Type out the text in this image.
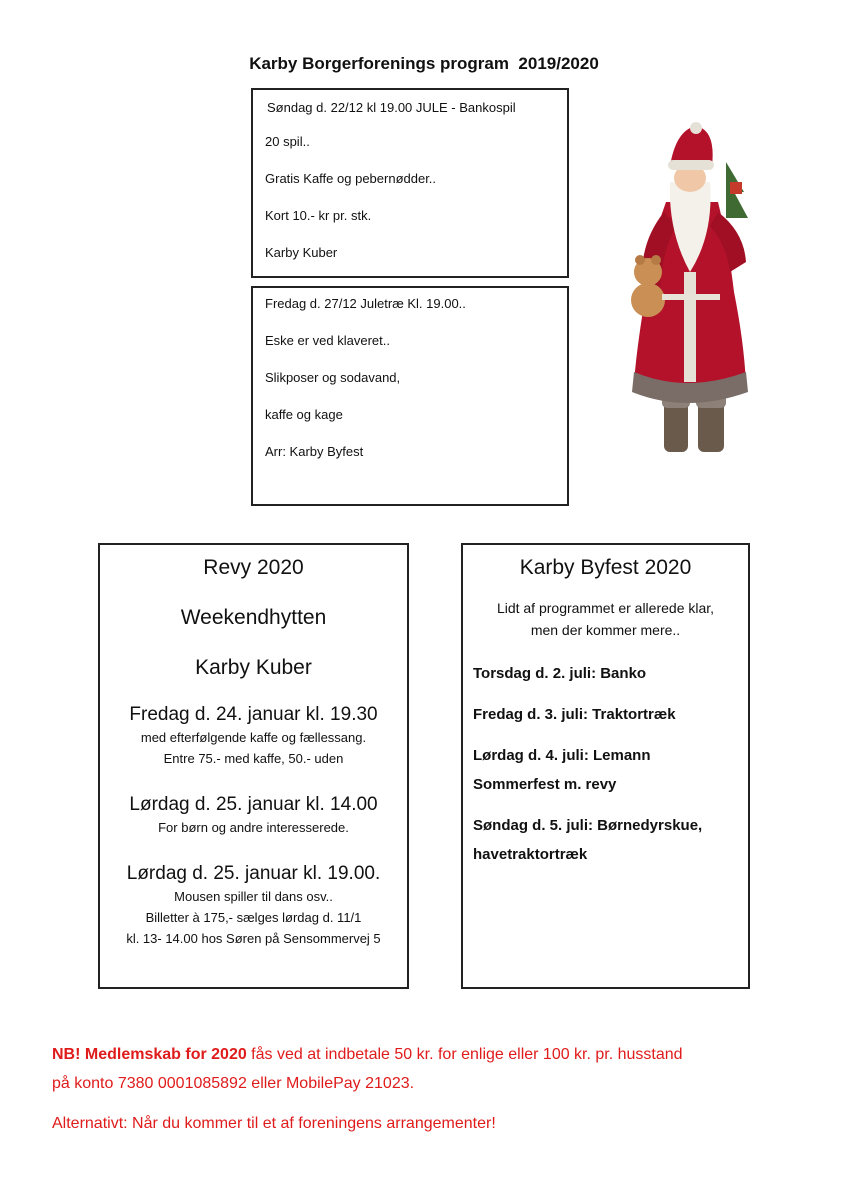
Karby Borgerforenings program  2019/2020
Søndag d. 22/12 kl 19.00 JULE - Bankospil
20 spil..
Gratis Kaffe og pebernødder..
Kort 10.- kr pr. stk.
Karby Kuber
Fredag d. 27/12 Juletræ Kl. 19.00..
Eske er ved klaveret..
Slikposer og sodavand,
kaffe og kage
Arr: Karby Byfest
Revy 2020
Weekendhytten
Karby Kuber
Fredag d. 24. januar kl. 19.30
med efterfølgende kaffe og fællessang.
Entre 75.- med kaffe, 50.- uden
Lørdag d. 25. januar kl. 14.00
For børn og andre interesserede.
Lørdag d. 25. januar kl. 19.00.
Mousen spiller til dans osv..
Billetter à 175,- sælges lørdag d. 11/1
kl. 13- 14.00 hos Søren på Sensommervej 5
Karby Byfest 2020
Lidt af programmet er allerede klar,
men der kommer mere..
Torsdag d. 2. juli: Banko
Fredag d. 3. juli: Traktortræk
Lørdag d. 4. juli: Lemann
Sommerfest m. revy
Søndag d. 5. juli: Børnedyrskue,
havetraktortræk
NB! Medlemskab for 2020 fås ved at indbetale 50 kr. for enlige eller 100 kr. pr. husstand
på konto 7380 0001085892 eller MobilePay 21023.
Alternativt: Når du kommer til et af foreningens arrangementer!
